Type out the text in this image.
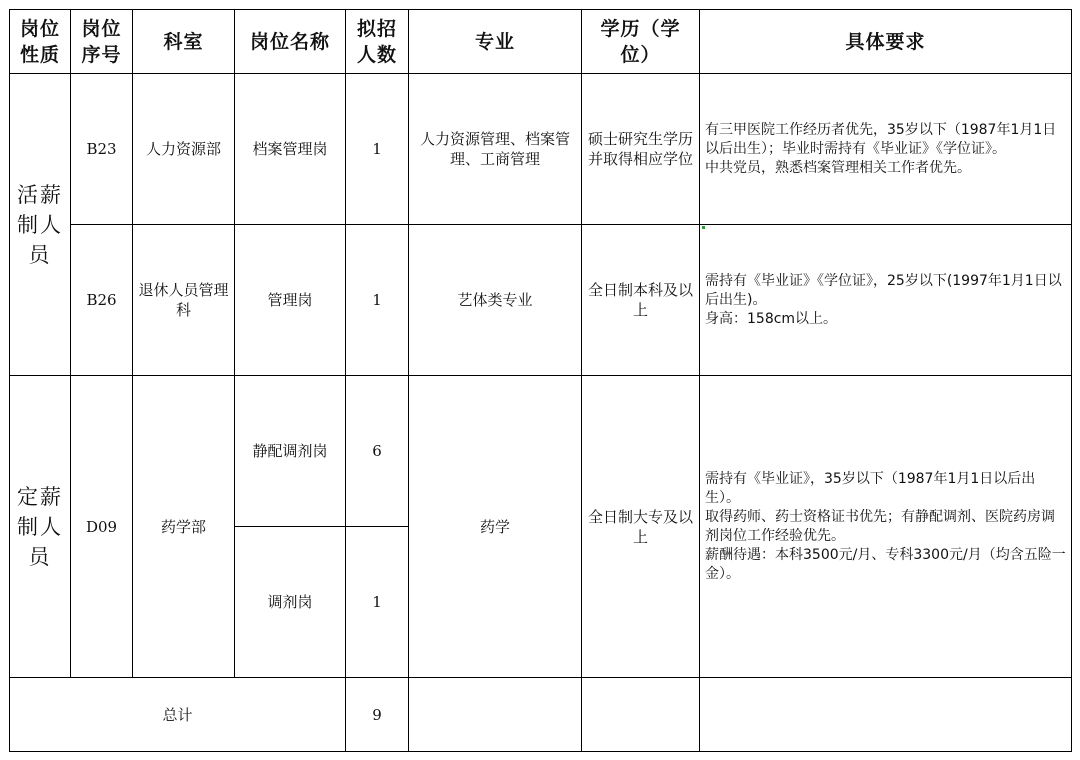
岗位性质	岗位序号	科室	岗位名称	拟招人数	专业	学历（学位）	具体要求
活薪制人员	B23	人力资源部	档案管理岗	1	人力资源管理、档案管理、工商管理	硕士研究生学历并取得相应学位	有三甲医院工作经历者优先，35岁以下（1987年1月1日以后出生）；毕业时需持有《毕业证》《学位证》。
中共党员，熟悉档案管理相关工作者优先。
	B26	退休人员管理科	管理岗	1	艺体类专业	全日制本科及以上	需持有《毕业证》《学位证》，25岁以下(1997年1月1日以后出生)。
身高：158cm以上。
定薪制人员	D09	药学部	静配调剂岗	6	药学	全日制大专及以上	需持有《毕业证》，35岁以下（1987年1月1日以后出生）。
取得药师、药士资格证书优先；有静配调剂、医院药房调剂岗位工作经验优先。
薪酬待遇：本科3500元/月、专科3300元/月（均含五险一金）。
			调剂岗	1			
总计				9			
